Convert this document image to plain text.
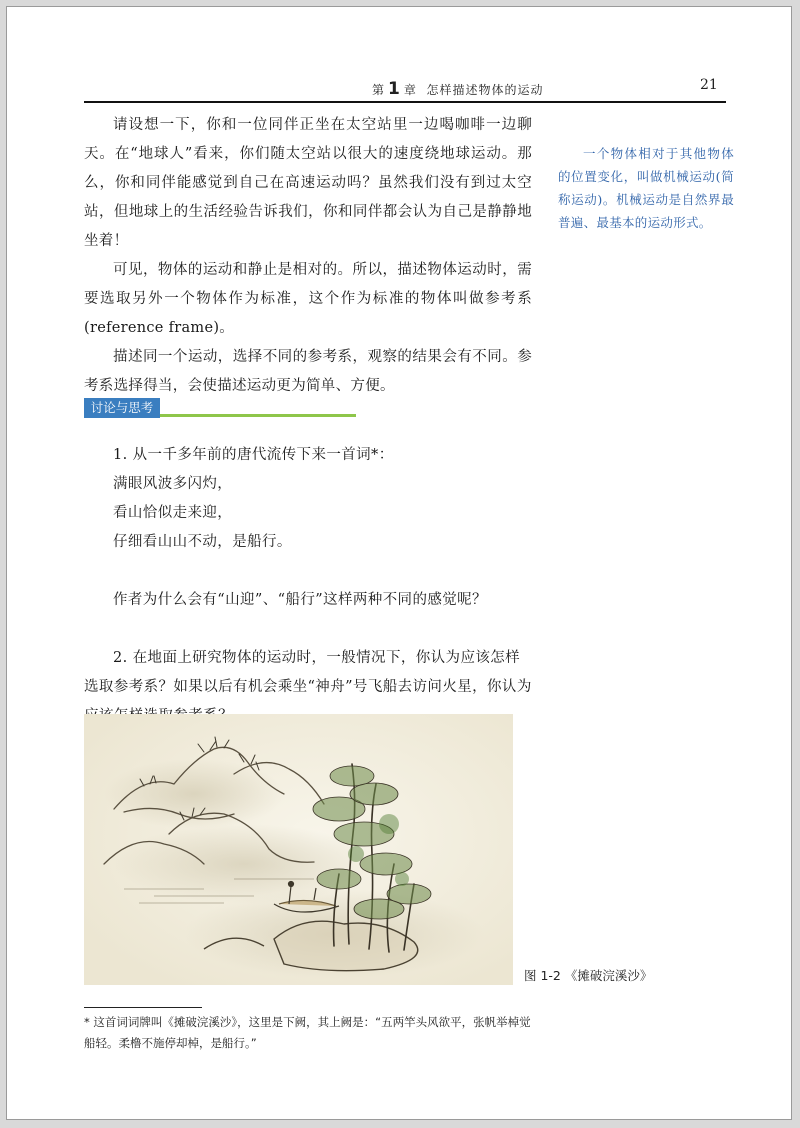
第 1 章 怎样描述物体的运动	21

请设想一下，你和一位同伴正坐在太空站里一边喝咖啡一边聊天。在“地球人”看来，你们随太空站以很大的速度绕地球运动。那么，你和同伴能感觉到自己在高速运动吗？虽然我们没有到过太空站，但地球上的生活经验告诉我们，你和同伴都会认为自己是静静地坐着！

可见，物体的运动和静止是相对的。所以，描述物体运动时，需要选取另外一个物体作为标准，这个作为标准的物体叫做参考系(reference frame)。

描述同一个运动，选择不同的参考系，观察的结果会有不同。参考系选择得当，会使描述运动更为简单、方便。

一个物体相对于其他物体的位置变化，叫做机械运动(简称运动)。机械运动是自然界最普遍、最基本的运动形式。
讨论与思考

1. 从一千多年前的唐代流传下来一首词*：

满眼风波多闪灼，

看山恰似走来迎，

仔细看山山不动，是船行。

作者为什么会有“山迎”、“船行”这样两种不同的感觉呢？

2. 在地面上研究物体的运动时，一般情况下，你认为应该怎样选取参考系？如果以后有机会乘坐“神舟”号飞船去访问火星，你认为

图 1-2 《摊破浣溪沙》
* 这首词词牌叫《摊破浣溪沙》，这里是下阙，其上阙是：“五两竿头风欲平，张帆举棹觉船轻。柔橹不施停却棹，是船行。”
